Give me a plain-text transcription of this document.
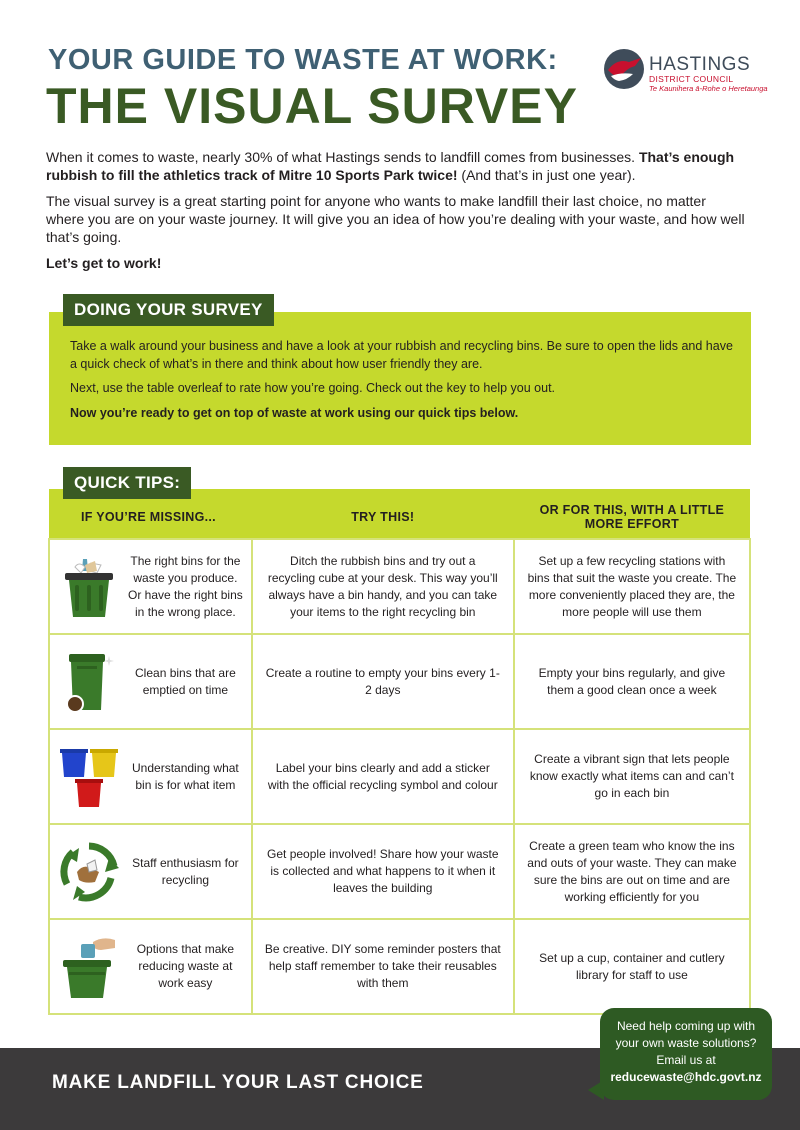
YOUR GUIDE TO WASTE AT WORK:
THE VISUAL SURVEY
HASTINGS
DISTRICT COUNCIL
Te Kaunihera ā-Rohe o Heretaunga

When it comes to waste, nearly 30% of what Hastings sends to landfill comes from businesses. That’s enough rubbish to fill the athletics track of Mitre 10 Sports Park twice! (And that’s in just one year).

The visual survey is a great starting point for anyone who wants to make landfill their last choice, no matter where you are on your waste journey. It will give you an idea of how you’re dealing with your waste, and how well that’s going.

Let’s get to work!

DOING YOUR SURVEY

Take a walk around your business and have a look at your rubbish and recycling bins. Be sure to open the lids and have a quick check of what’s in there and think about how user friendly they are.

Next, use the table overleaf to rate how you’re going. Check out the key to help you out.

Now you’re ready to get on top of waste at work using our quick tips below.

QUICK TIPS:
IF YOU’RE MISSING...	TRY THIS!	OR FOR THIS, WITH A LITTLE MORE EFFORT

The right bins for the waste you produce. Or have the right bins in the wrong place.	Ditch the rubbish bins and try out a recycling cube at your desk. This way you’ll always have a bin handy, and you can take your items to the right recycling bin	Set up a few recycling stations with bins that suit the waste you create. The more conveniently placed they are, the more people will use them

Clean bins that are emptied on time	Create a routine to empty your bins every 1-2 days	Empty your bins regularly, and give them a good clean once a week

Understanding what bin is for what item	Label your bins clearly and add a sticker with the official recycling symbol and colour	Create a vibrant sign that lets people know exactly what items can and can’t go in each bin

Staff enthusiasm for recycling	Get people involved! Share how your waste is collected and what happens to it when it leaves the building	Create a green team who know the ins and outs of your waste. They can make sure the bins are out on time and are working efficiently for you

Options that make reducing waste at work easy	Be creative. DIY some reminder posters that help staff remember to take their reusables with them	Set up a cup, container and cutlery library for staff to use
MAKE LANDFILL YOUR LAST CHOICE
Need help coming up with your own waste solutions? Email us at
reducewaste@hdc.govt.nz
